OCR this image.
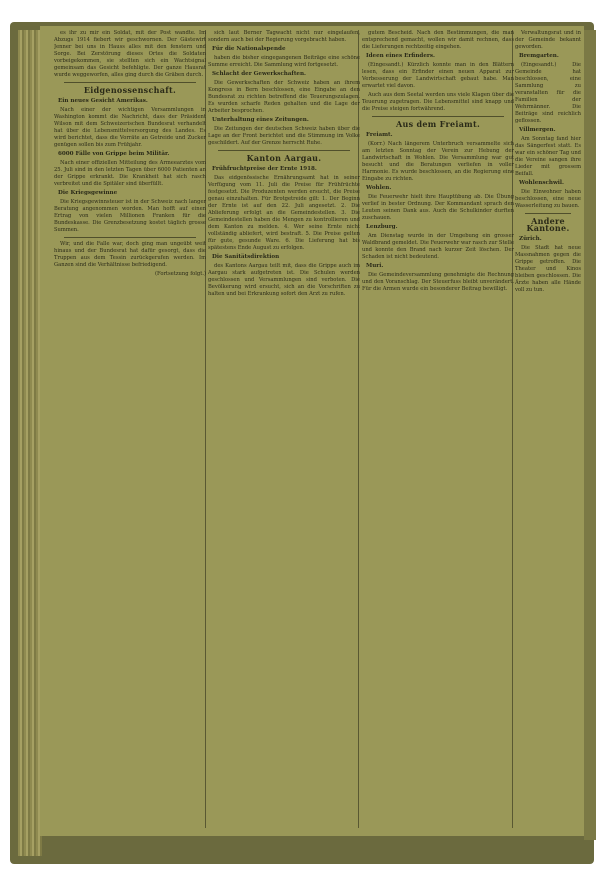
es ihr zu mir ein Soldat, mit der Post wandte. Im Abzugs 1914 fiebert wir geschwornen. Der Gästewirt Jenner bei uns in Hauss alles mit den fenstern und Sorge. Bei Zerstörung dieses Ortes die Soldaten vorbeigekommen, sie stellten sich ein Wachtsignal gemeinsam das Gesicht befehligte. Der ganze Hausrat wurde weggeworfen, alles ging durch die Gräben durch.

Eidgenossenschaft.

Ein neues Gesicht Amerikas.

Nach einer der wichtigen Versammlungen in Washington kommt die Nachricht, dass der Präsident Wilson mit dem Schweizerischen Bundesrat verhandelt hat über die Lebensmittelversorgung des Landes. Es wird berichtet, dass die Vorräte an Getreide und Zucker genügen sollen bis zum Frühjahr.

6000 Fälle von Grippe beim Militär.

Nach einer offiziellen Mitteilung des Armeearztes vom 25. Juli sind in den letzten Tagen über 6000 Patienten an der Grippe erkrankt. Die Krankheit hat sich rasch verbreitet und die Spitäler sind überfüllt.

Die Kriegsgewinne

Die Kriegsgewinnsteuer ist in der Schweiz nach langer Beratung angenommen worden. Man hofft auf einen Ertrag von vielen Millionen Franken für die Bundeskasse. Die Grenzbesetzung kostet täglich grosse Summen.

Wir, und die Falle war, doch ging man ungeübt weit hinaus und der Bundesrat hat dafür gesorgt, dass die Truppen aus dem Tessin zurückgerufen werden. Im Ganzen sind die Verhältnisse befriedigend.

(Fortsetzung folgt.)

sich laut Berner Tagwacht nicht nur eingelaufen, sondern auch bei der Regierung vorgebracht haben.

Für die Nationalspende

haben die bisher eingegangenen Beiträge eine schöne Summe erreicht. Die Sammlung wird fortgesetzt.

Schlacht der Gewerkschaften.

Die Gewerkschaften der Schweiz haben an ihrem Kongress in Bern beschlossen, eine Eingabe an den Bundesrat zu richten betreffend die Teuerungszulagen. Es wurden scharfe Reden gehalten und die Lage der Arbeiter besprochen.

Unterhaltung eines Zeitungen.

Die Zeitungen der deutschen Schweiz haben über die Lage an der Front berichtet und die Stimmung im Volke geschildert. Auf der Grenze herrscht Ruhe.

Kanton Aargau.

Frühfruchtpreise der Ernte 1918.

Das eidgenössische Ernährungsamt hat in seiner Verfügung vom 11. Juli die Preise für Frühfrüchte festgesetzt. Die Produzenten werden ersucht, die Preise genau einzuhalten. Für Brotgetreide gilt: 1. Der Beginn der Ernte ist auf den 22. Juli angesetzt. 2. Die Ablieferung erfolgt an die Gemeindestellen. 3. Die Gemeindestellen haben die Mengen zu kontrollieren und dem Kanton zu melden. 4. Wer seine Ernte nicht vollständig abliefert, wird bestraft. 5. Die Preise gelten für gute, gesunde Ware. 6. Die Lieferung hat bis spätestens Ende August zu erfolgen.

Die Sanitätsdirektion

des Kantons Aargau teilt mit, dass die Grippe auch im Aargau stark aufgetreten ist. Die Schulen werden geschlossen und Versammlungen sind verboten. Die Bevölkerung wird ersucht, sich an die Vorschriften zu halten und bei Erkrankung sofort den Arzt zu rufen.

gutem Bescheid. Nach den Bestimmungen, die man entsprechend gemacht, wollen wir damit rechnen, dass die Lieferungen rechtzeitig eingehen.

Ideen eines Erfinders.

(Eingesandt.) Kürzlich konnte man in den Blättern lesen, dass ein Erfinder einen neuen Apparat zur Verbesserung der Landwirtschaft gebaut habe. Man erwartet viel davon.

Auch aus dem Seetal werden uns viele Klagen über die Teuerung zugetragen. Die Lebensmittel sind knapp und die Preise steigen fortwährend.

Aus dem Freiamt.

Freiamt.

(Korr.) Nach längerem Unterbruch versammelte sich am letzten Sonntag der Verein zur Hebung der Landwirtschaft in Wohlen. Die Versammlung war gut besucht und die Beratungen verliefen in voller Harmonie. Es wurde beschlossen, an die Regierung eine Eingabe zu richten.

Wohlen.

Die Feuerwehr hielt ihre Hauptübung ab. Die Übung verlief in bester Ordnung. Der Kommandant sprach den Leuten seinen Dank aus. Auch die Schulkinder durften zuschauen.

Lenzburg.

Am Dienstag wurde in der Umgebung ein grosser Waldbrand gemeldet. Die Feuerwehr war rasch zur Stelle und konnte den Brand nach kurzer Zeit löschen. Der Schaden ist nicht bedeutend.

Muri.

Die Gemeindeversammlung genehmigte die Rechnung und den Voranschlag. Der Steuerfuss bleibt unverändert. Für die Armen wurde ein besonderer Beitrag bewilligt.

Verwaltungsrat und in der Gemeinde bekannt geworden.

Bremgarten.

(Eingesandt.) Die Gemeinde hat beschlossen, eine Sammlung zu veranstalten für die Familien der Wehrmänner. Die Beiträge sind reichlich geflossen.

Villmergen.

Am Sonntag fand hier das Sängerfest statt. Es war ein schöner Tag und die Vereine sangen ihre Lieder mit grossem Beifall.

Wohlenschwil.

Die Einwohner haben beschlossen, eine neue Wasserleitung zu bauen.

Andere Kantone.

Zürich.

Die Stadt hat neue Massnahmen gegen die Grippe getroffen. Die Theater und Kinos bleiben geschlossen. Die Ärzte haben alle Hände voll zu tun.
